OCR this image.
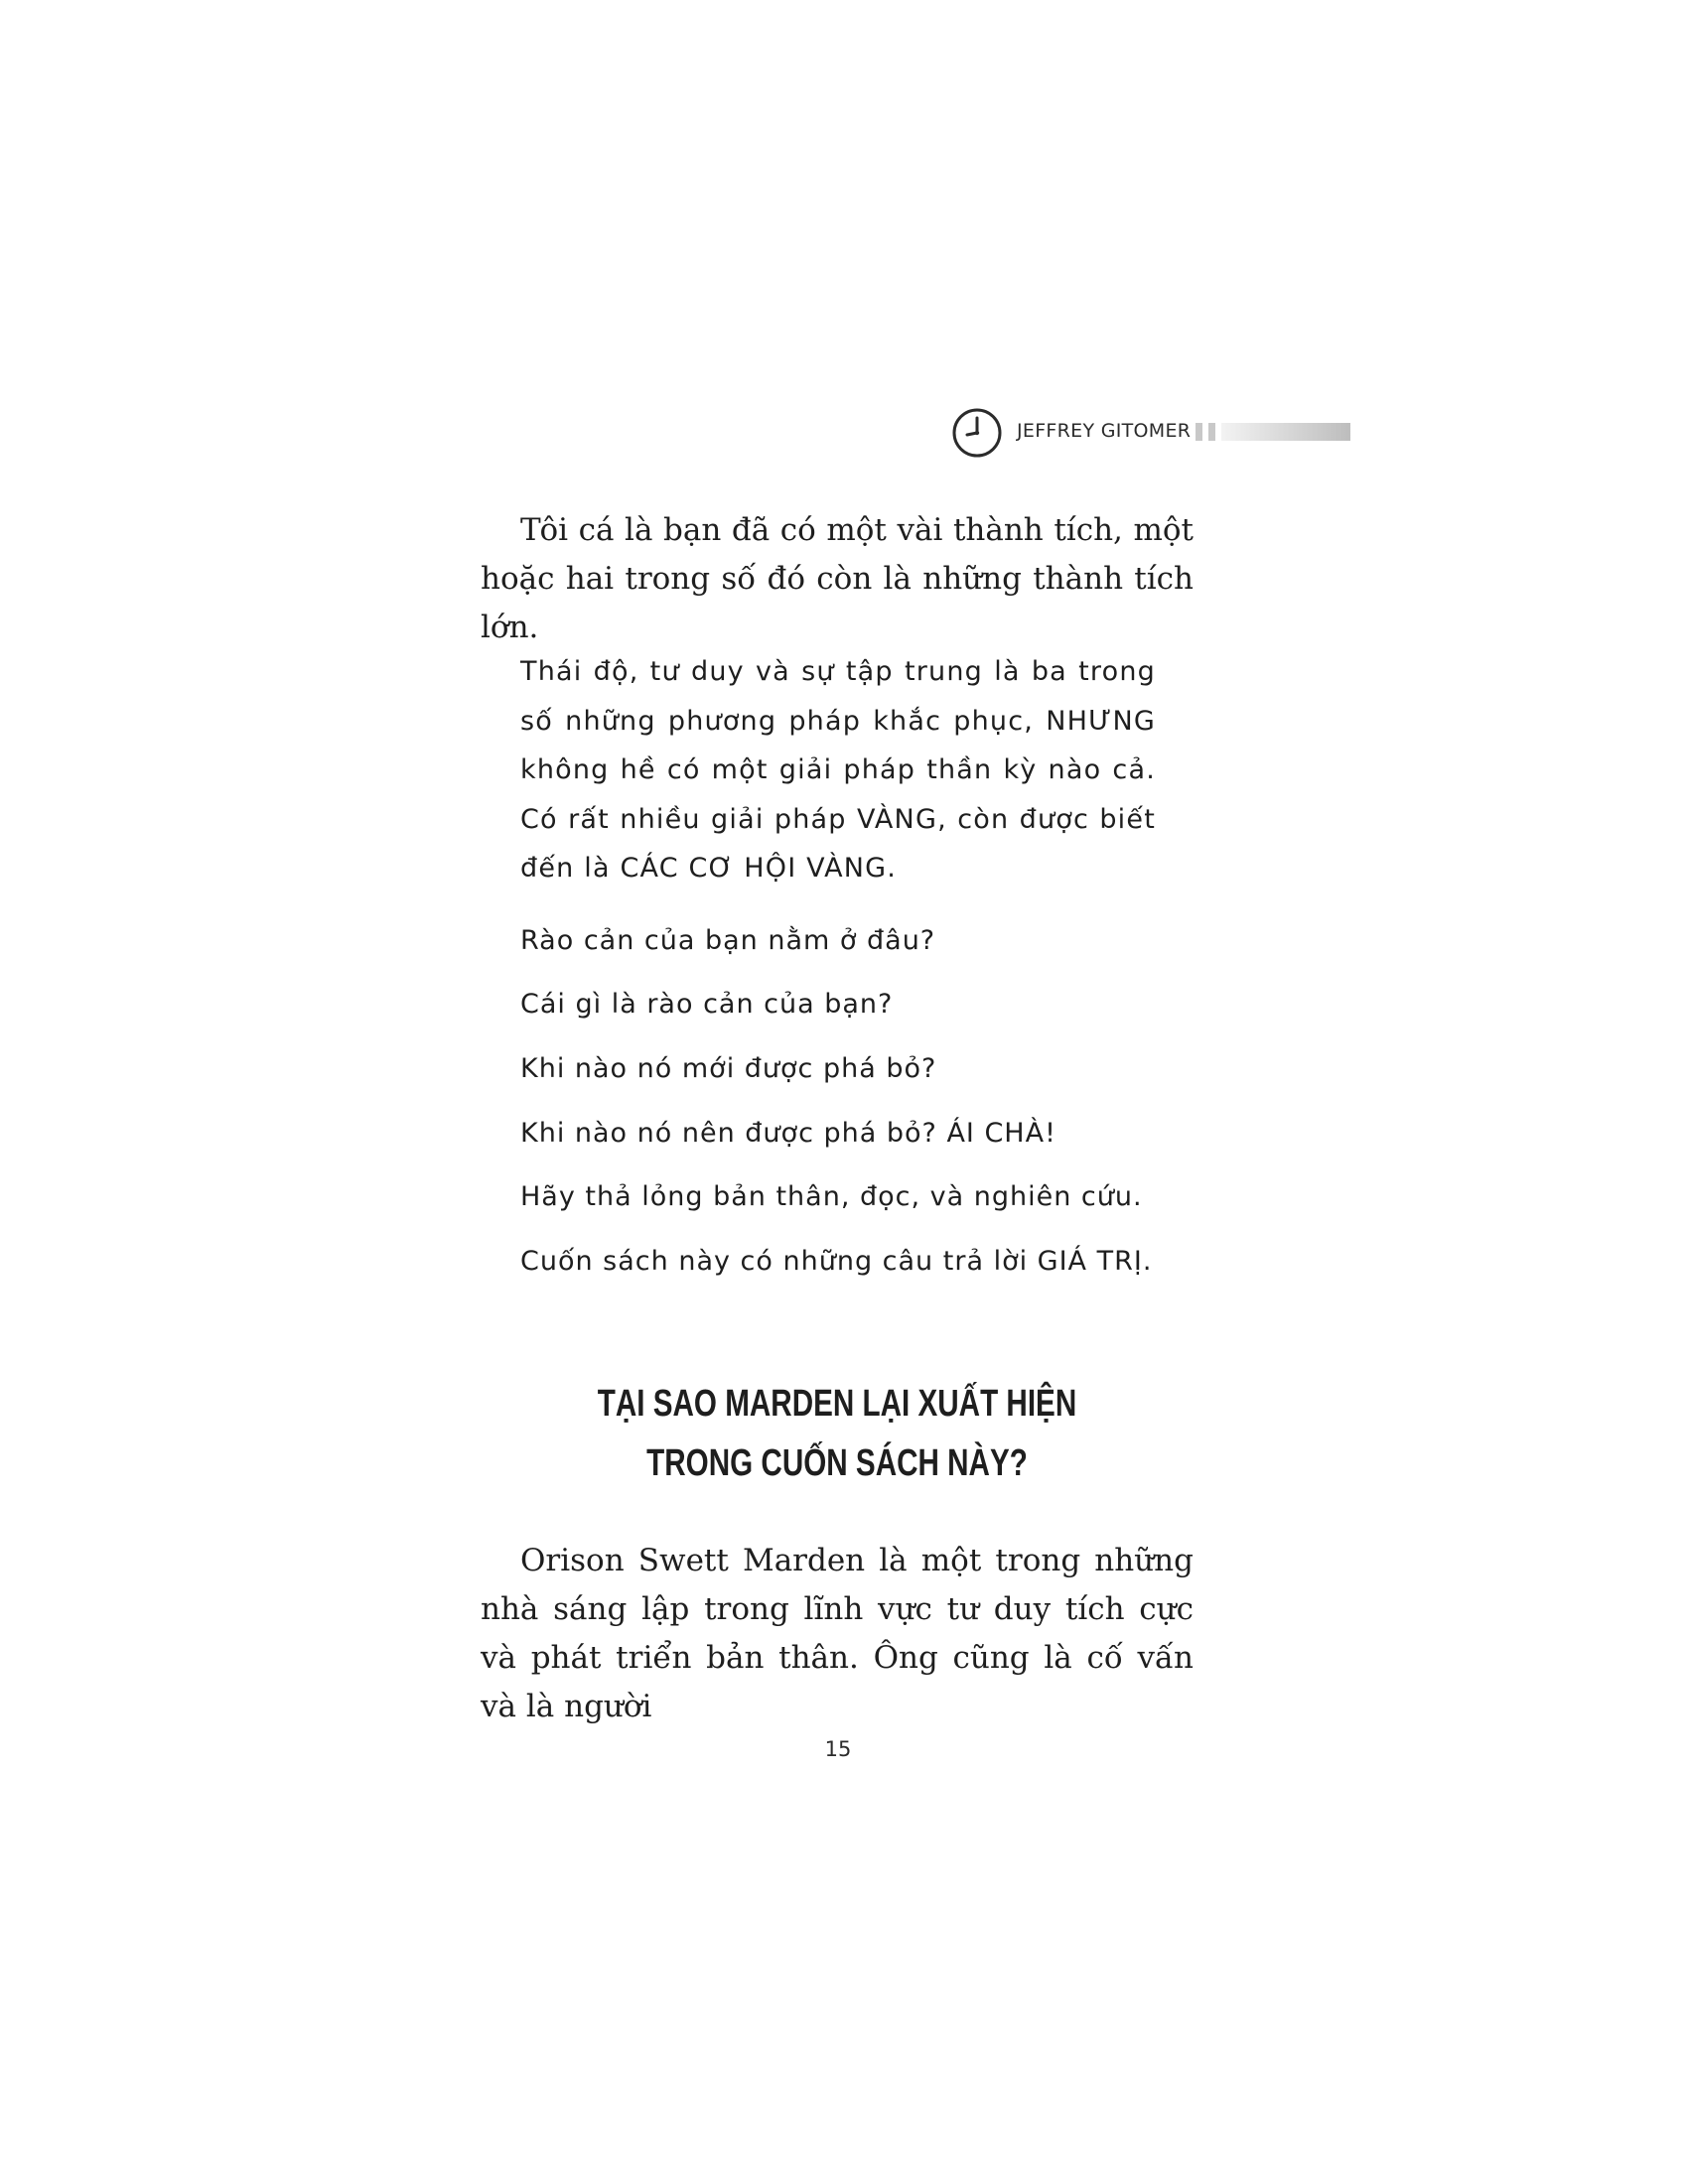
JEFFREY GITOMER

Tôi cá là bạn đã có một vài thành tích, một hoặc hai trong số đó còn là những thành tích lớn.

Thái độ, tư duy và sự tập trung là ba trong số những phương pháp khắc phục, NHƯNG không hề có một giải pháp thần kỳ nào cả. Có rất nhiều giải pháp VÀNG, còn được biết đến là CÁC CƠ HỘI VÀNG.

Rào cản của bạn nằm ở đâu?

Cái gì là rào cản của bạn?

Khi nào nó mới được phá bỏ?

Khi nào nó nên được phá bỏ? ÁI CHÀ!

Hãy thả lỏng bản thân, đọc, và nghiên cứu.

Cuốn sách này có những câu trả lời GIÁ TRỊ.

TẠI SAO MARDEN LẠI XUẤT HIỆN
TRONG CUỐN SÁCH NÀY?

Orison Swett Marden là một trong những nhà sáng lập trong lĩnh vực tư duy tích cực và phát triển bản thân. Ông cũng là cố vấn và là người

15
